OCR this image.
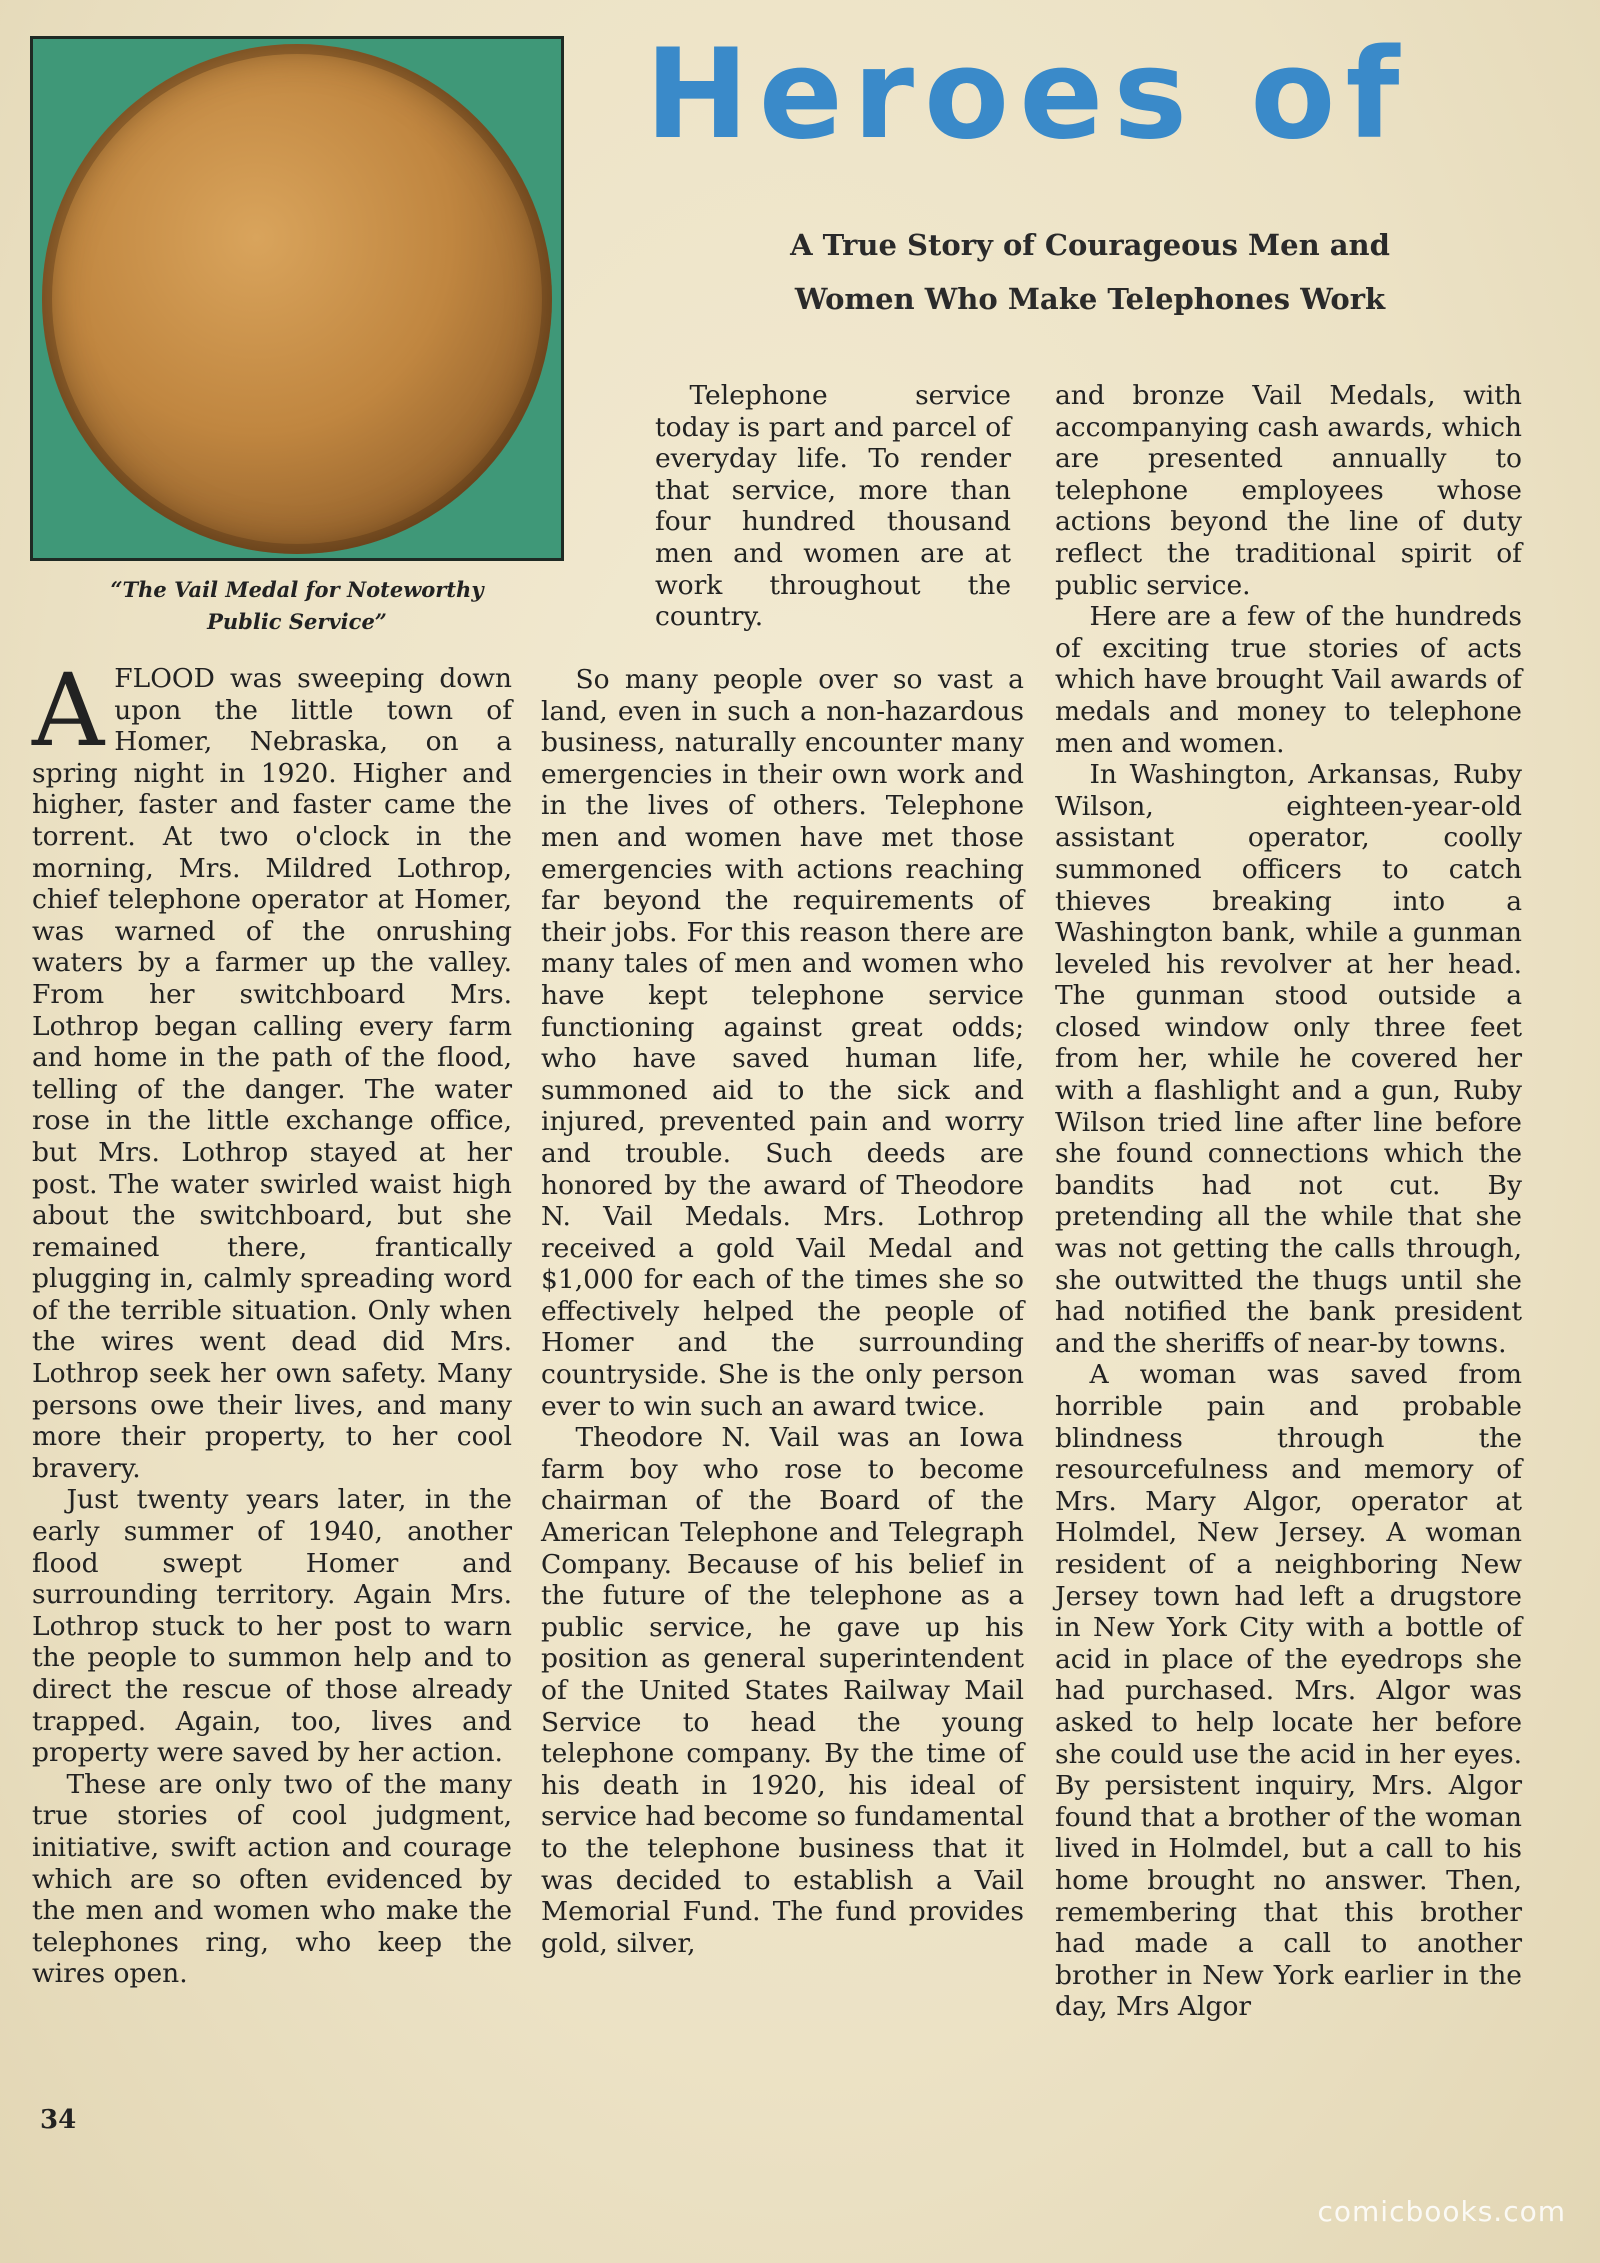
“The Vail Medal for Noteworthy
Public Service”
Heroes of
A True Story of Courageous Men and
Women Who Make Telephones Work
A FLOOD was sweeping down upon the little town of Homer, Nebraska, on a spring night in 1920. Higher and higher, faster and faster came the torrent. At two o'clock in the morning, Mrs. Mildred Lothrop, chief telephone operator at Homer, was warned of the onrushing waters by a farmer up the valley. From her switchboard Mrs. Lothrop began calling every farm and home in the path of the flood, telling of the danger. The water rose in the little exchange office, but Mrs. Lothrop stayed at her post. The water swirled waist high about the switchboard, but she remained there, frantically plugging in, calmly spreading word of the terrible situation. Only when the wires went dead did Mrs. Lothrop seek her own safety. Many persons owe their lives, and many more their property, to her cool bravery.

Just twenty years later, in the early summer of 1940, another flood swept Homer and surrounding territory. Again Mrs. Lothrop stuck to her post to warn the people to summon help and to direct the rescue of those already trapped. Again, too, lives and property were saved by her action.

These are only two of the many true stories of cool judgment, initiative, swift action and courage which are so often evidenced by the men and women who make the telephones ring, who keep the wires open.

Telephone service today is part and parcel of everyday life. To render that service, more than four hundred thousand men and women are at work throughout the country.

So many people over so vast a land, even in such a non-hazardous business, naturally encounter many emergencies in their own work and in the lives of others. Telephone men and women have met those emergencies with actions reaching far beyond the requirements of their jobs. For this reason there are many tales of men and women who have kept telephone service functioning against great odds; who have saved human life, summoned aid to the sick and injured, prevented pain and worry and trouble. Such deeds are honored by the award of Theodore N. Vail Medals. Mrs. Lothrop received a gold Vail Medal and $1,000 for each of the times she so effectively helped the people of Homer and the surrounding countryside. She is the only person ever to win such an award twice.

Theodore N. Vail was an Iowa farm boy who rose to become chairman of the Board of the American Telephone and Telegraph Company. Because of his belief in the future of the telephone as a public service, he gave up his position as general superintendent of the United States Railway Mail Service to head the young telephone company. By the time of his death in 1920, his ideal of service had become so fundamental to the telephone business that it was decided to establish a Vail Memorial Fund. The fund provides gold, silver,

and bronze Vail Medals, with accompanying cash awards, which are presented annually to telephone employees whose actions beyond the line of duty reflect the traditional spirit of public service.

Here are a few of the hundreds of exciting true stories of acts which have brought Vail awards of medals and money to telephone men and women.

In Washington, Arkansas, Ruby Wilson, eighteen-year-old assistant operator, coolly summoned officers to catch thieves breaking into a Washington bank, while a gunman leveled his revolver at her head. The gunman stood outside a closed window only three feet from her, while he covered her with a flashlight and a gun, Ruby Wilson tried line after line before she found connections which the bandits had not cut. By pretending all the while that she was not getting the calls through, she outwitted the thugs until she had notified the bank president and the sheriffs of near-by towns.

A woman was saved from horrible pain and probable blindness through the resourcefulness and memory of Mrs. Mary Algor, operator at Holmdel, New Jersey. A woman resident of a neighboring New Jersey town had left a drugstore in New York City with a bottle of acid in place of the eyedrops she had purchased. Mrs. Algor was asked to help locate her before she could use the acid in her eyes. By persistent inquiry, Mrs. Algor found that a brother of the woman lived in Holmdel, but a call to his home brought no answer. Then, remembering that this brother had made a call to another brother in New York earlier in the day, Mrs Algor

34
comicbooks.com
